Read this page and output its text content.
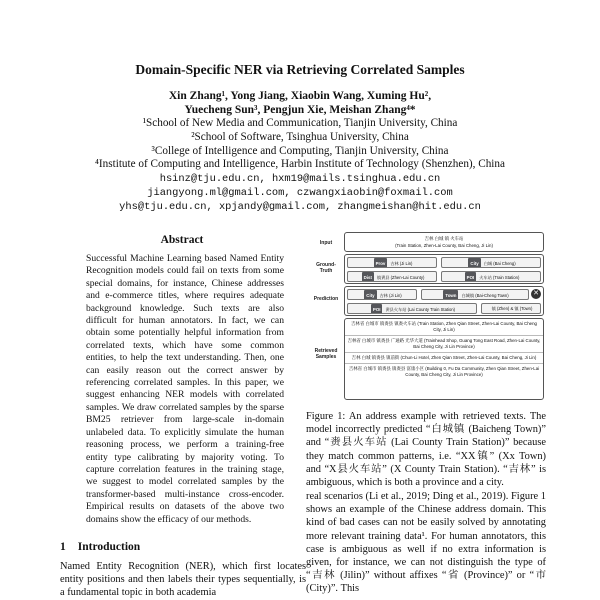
Domain-Specific NER via Retrieving Correlated Samples
Xin Zhang¹, Yong Jiang, Xiaobin Wang, Xuming Hu²,
Yuecheng Sun³, Pengjun Xie, Meishan Zhang⁴*
¹School of New Media and Communication, Tianjin University, China
²School of Software, Tsinghua University, China
³College of Intelligence and Computing, Tianjin University, China
⁴Institute of Computing and Intelligence, Harbin Institute of Technology (Shenzhen), China
hsinz@tju.edu.cn, hxm19@mails.tsinghua.edu.cn
jiangyong.ml@gmail.com, czwangxiaobin@foxmail.com
yhs@tju.edu.cn, xpjandy@gmail.com, zhangmeishan@hit.edu.cn
Abstract
Successful Machine Learning based Named Entity Recognition models could fail on texts from some special domains, for instance, Chinese addresses and e-commerce titles, where requires adequate background knowledge. Such texts are also difficult for human annotators. In fact, we can obtain some potentially helpful information from correlated texts, which have some common entities, to help the text understanding. Then, one can easily reason out the correct answer by referencing correlated samples. In this paper, we suggest enhancing NER models with correlated samples. We draw correlated samples by the sparse BM25 retriever from large-scale in-domain unlabeled data. To explicitly simulate the human reasoning process, we perform a training-free entity type calibrating by majority voting. To capture correlation features in the training stage, we suggest to model correlated samples by the transformer-based multi-instance cross-encoder. Empirical results on datasets of the above two domains show the efficacy of our methods.
1 Introduction
Named Entity Recognition (NER), which first locates entity positions and then labels their types sequentially, is a fundamental topic in both academia
Input
吉林 白城 镇 火车站
(Train Station, Zhen-Lai County, Bai Cheng, Ji Lin)
Ground-
Truth
Prov 吉林 (Ji Lin)	City 白城 (Bai Cheng)
Dist 镇赉县 (Zhen-Lai County)	POI 火车站 (Train Station)
Prediction
City 吉林 (Ji Lin)	Town 白城镇 (Bai-Cheng Town)	✕
POI 赉县火车站 (Lai County Train Station)	镇 (Zhen) & 镇 (Town)
Retrieved
Samples
吉林省 白城市 镇赉县 镇赉火车站 (Train Station, Zhen Qian Street, Zhen-Lai County, Bai Cheng City, Ji Lin)
吉林省 白城市 镇赉县 广通路 光华大道 (Trainhead Shop, Guang Tong East Road, Zhen-Lai County, Bai Cheng City, Ji Lin Province)
吉林 白城 镇赉县 镇前街 (Chun-Li Hotel, Zhen Qian Street, Zhen-Lai County, Bai Cheng, Ji Lin)
吉林省 白城市 镇赉县 镇赉县 富康小区 (Building 0, Fu Da Community, Zhen Qian Street, Zhen-Lai County, Bai Cheng City, Ji Lin Province)
Figure 1: An address example with retrieved texts. The model incorrectly predicted “白城镇 (Baicheng Town)” and “赉县火车站 (Lai County Train Station)” because they match common patterns, i.e. “XX镇” (Xx Town) and “X县火车站” (X County Train Station). “吉林” is ambiguous, which is both a province and a city.
real scenarios (Li et al., 2019; Ding et al., 2019). Figure 1 shows an example of the Chinese address domain. This kind of bad cases can not be easily solved by annotating more relevant training data¹. For human annotators, this case is ambiguous as well if no extra information is given, for instance, we can not distinguish the type of “吉林 (Jilin)” without affixes “省 (Province)” or “市 (City)”. This
